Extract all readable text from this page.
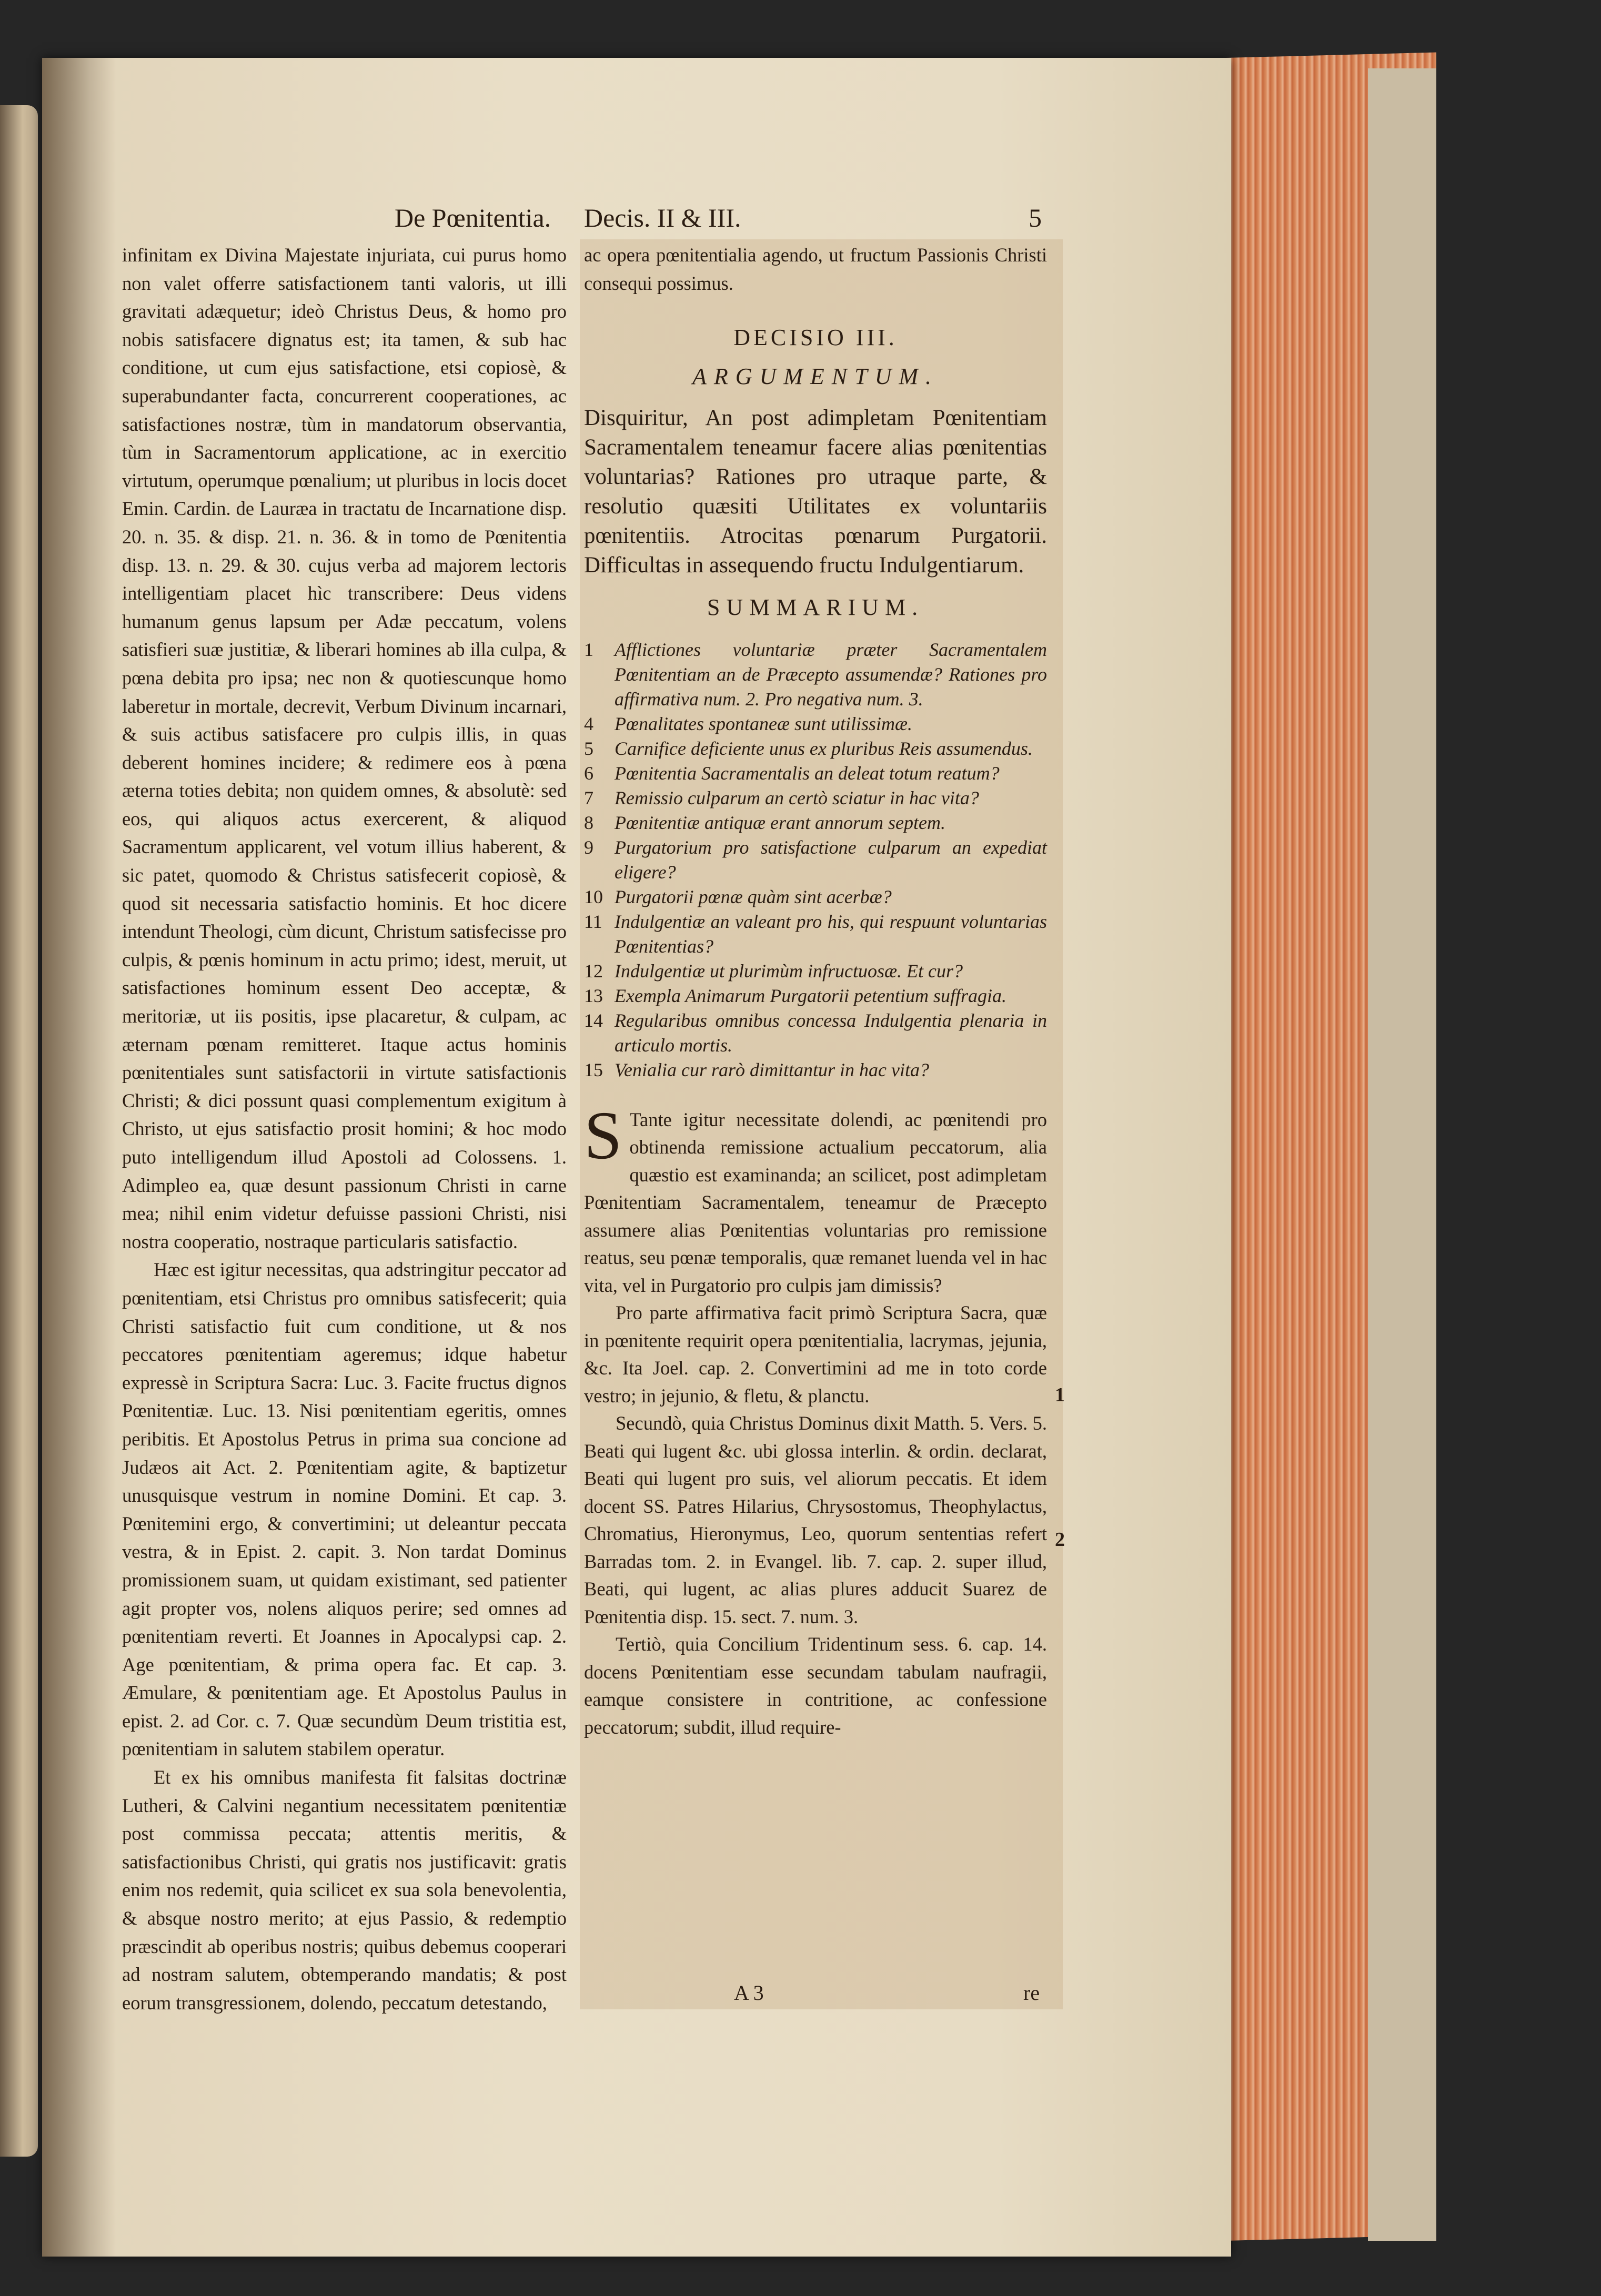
De Pœnitentia. Decis. II & III.	5

infinitam ex Divina Majestate injuriata, cui purus homo non valet offerre satisfactionem tanti valoris, ut illi gravitati adæquetur; ideò Christus Deus, & homo pro nobis satisfacere dignatus est; ita tamen, & sub hac conditione, ut cum ejus satisfactione, etsi copiosè, & superabundanter facta, concurrerent cooperationes, ac satisfactiones nostræ, tùm in mandatorum observantia, tùm in Sacramentorum applicatione, ac in exercitio virtutum, operumque pœnalium; ut pluribus in locis docet Emin. Cardin. de Lauræa in tractatu de Incarnatione disp. 20. n. 35. & disp. 21. n. 36. & in tomo de Pœnitentia disp. 13. n. 29. & 30. cujus verba ad majorem lectoris intelligentiam placet hìc transcribere: Deus videns humanum genus lapsum per Adæ peccatum, volens satisfieri suæ justitiæ, & liberari homines ab illa culpa, & pœna debita pro ipsa; nec non & quotiescunque homo laberetur in mortale, decrevit, Verbum Divinum incarnari, & suis actibus satisfacere pro culpis illis, in quas deberent homines incidere; & redimere eos à pœna æterna toties debita; non quidem omnes, & absolutè: sed eos, qui aliquos actus exercerent, & aliquod Sacramentum applicarent, vel votum illius haberent, & sic patet, quomodo & Christus satisfecerit copiosè, & quod sit necessaria satisfactio hominis. Et hoc dicere intendunt Theologi, cùm dicunt, Christum satisfecisse pro culpis, & pœnis hominum in actu primo; idest, meruit, ut satisfactiones hominum essent Deo acceptæ, & meritoriæ, ut iis positis, ipse placaretur, & culpam, ac æternam pœnam remitteret. Itaque actus hominis pœnitentiales sunt satisfactorii in virtute satisfactionis Christi; & dici possunt quasi complementum exigitum à Christo, ut ejus satisfactio prosit homini; & hoc modo puto intelligendum illud Apostoli ad Colossens. 1. Adimpleo ea, quæ desunt passionum Christi in carne mea; nihil enim videtur defuisse passioni Christi, nisi nostra cooperatio, nostraque particularis satisfactio.

Hæc est igitur necessitas, qua adstringitur peccator ad pœnitentiam, etsi Christus pro omnibus satisfecerit; quia Christi satisfactio fuit cum conditione, ut & nos peccatores pœnitentiam ageremus; idque habetur expressè in Scriptura Sacra: Luc. 3. Facite fructus dignos Pœnitentiæ. Luc. 13. Nisi pœnitentiam egeritis, omnes peribitis. Et Apostolus Petrus in prima sua concione ad Judæos ait Act. 2. Pœnitentiam agite, & baptizetur unusquisque vestrum in nomine Domini. Et cap. 3. Pœnitemini ergo, & convertimini; ut deleantur peccata vestra, & in Epist. 2. capit. 3. Non tardat Dominus promissionem suam, ut quidam existimant, sed patienter agit propter vos, nolens aliquos perire; sed omnes ad pœnitentiam reverti. Et Joannes in Apocalypsi cap. 2. Age pœnitentiam, & prima opera fac. Et cap. 3. Æmulare, & pœnitentiam age. Et Apostolus Paulus in epist. 2. ad Cor. c. 7. Quæ secundùm Deum tristitia est, pœnitentiam in salutem stabilem operatur.

Et ex his omnibus manifesta fit falsitas doctrinæ Lutheri, & Calvini negantium necessitatem pœnitentiæ post commissa peccata; attentis meritis, & satisfactionibus Christi, qui gratis nos justificavit: gratis enim nos redemit, quia scilicet ex sua sola benevolentia, & absque nostro merito; at ejus Passio, & redemptio præscindit ab operibus nostris; quibus debemus cooperari ad nostram salutem, obtemperando mandatis; & post eorum transgressionem, dolendo, peccatum detestando,

ac opera pœnitentialia agendo, ut fructum Passionis Christi consequi possimus.

DECISIO III.
ARGUMENTUM.
Disquiritur, An post adimpletam Pœnitentiam Sacramentalem teneamur facere alias pœnitentias voluntarias? Rationes pro utraque parte, & resolutio quæsiti Utilitates ex voluntariis pœnitentiis. Atrocitas pœnarum Purgatorii. Difficultas in assequendo fructu Indulgentiarum.
SUMMARIUM.
1	Afflictiones voluntariæ præter Sacramentalem Pœnitentiam an de Præcepto assumendæ? Rationes pro affirmativa num. 2. Pro negativa num. 3.
4	Pœnalitates spontaneæ sunt utilissimæ.
5	Carnifice deficiente unus ex pluribus Reis assumendus.
6	Pœnitentia Sacramentalis an deleat totum reatum?
7	Remissio culparum an certò sciatur in hac vita?
8	Pœnitentiæ antiquæ erant annorum septem.
9	Purgatorium pro satisfactione culparum an expediat eligere?
10 Purgatorii pœnæ quàm sint acerbæ?
11 Indulgentiæ an valeant pro his, qui respuunt voluntarias Pœnitentias?
12 Indulgentiæ ut plurimùm infructuosæ. Et cur?
13 Exempla Animarum Purgatorii petentium suffragia.
14 Regularibus omnibus concessa Indulgentia plenaria in articulo mortis.
15 Venialia cur rarò dimittantur in hac vita?

S Tante igitur necessitate dolendi, ac pœnitendi pro obtinenda remissione actualium peccatorum, alia quæstio est examinanda; an scilicet, post adimpletam Pœnitentiam Sacramentalem, teneamur de Præcepto assumere alias Pœnitentias voluntarias pro remissione reatus, seu pœnæ temporalis, quæ remanet luenda vel in hac vita, vel in Purgatorio pro culpis jam dimissis?

Pro parte affirmativa facit primò Scriptura Sacra, quæ in pœnitente requirit opera pœnitentialia, lacrymas, jejunia, &c. Ita Joel. cap. 2. Convertimini ad me in toto corde vestro; in jejunio, & fletu, & planctu.

Secundò, quia Christus Dominus dixit Matth. 5. Vers. 5. Beati qui lugent &c. ubi glossa interlin. & ordin. declarat, Beati qui lugent pro suis, vel aliorum peccatis. Et idem docent SS. Patres Hilarius, Chrysostomus, Theophylactus, Chromatius, Hieronymus, Leo, quorum sententias refert Barradas tom. 2. in Evangel. lib. 7. cap. 2. super illud, Beati, qui lugent, ac alias plures adducit Suarez de Pœnitentia disp. 15. sect. 7. num. 3.

Tertiò, quia Concilium Tridentinum sess. 6. cap. 14. docens Pœnitentiam esse secundam tabulam naufragii, eamque consistere in contritione, ac confessione peccatorum; subdit, illud require-

1
2
A 3	re
